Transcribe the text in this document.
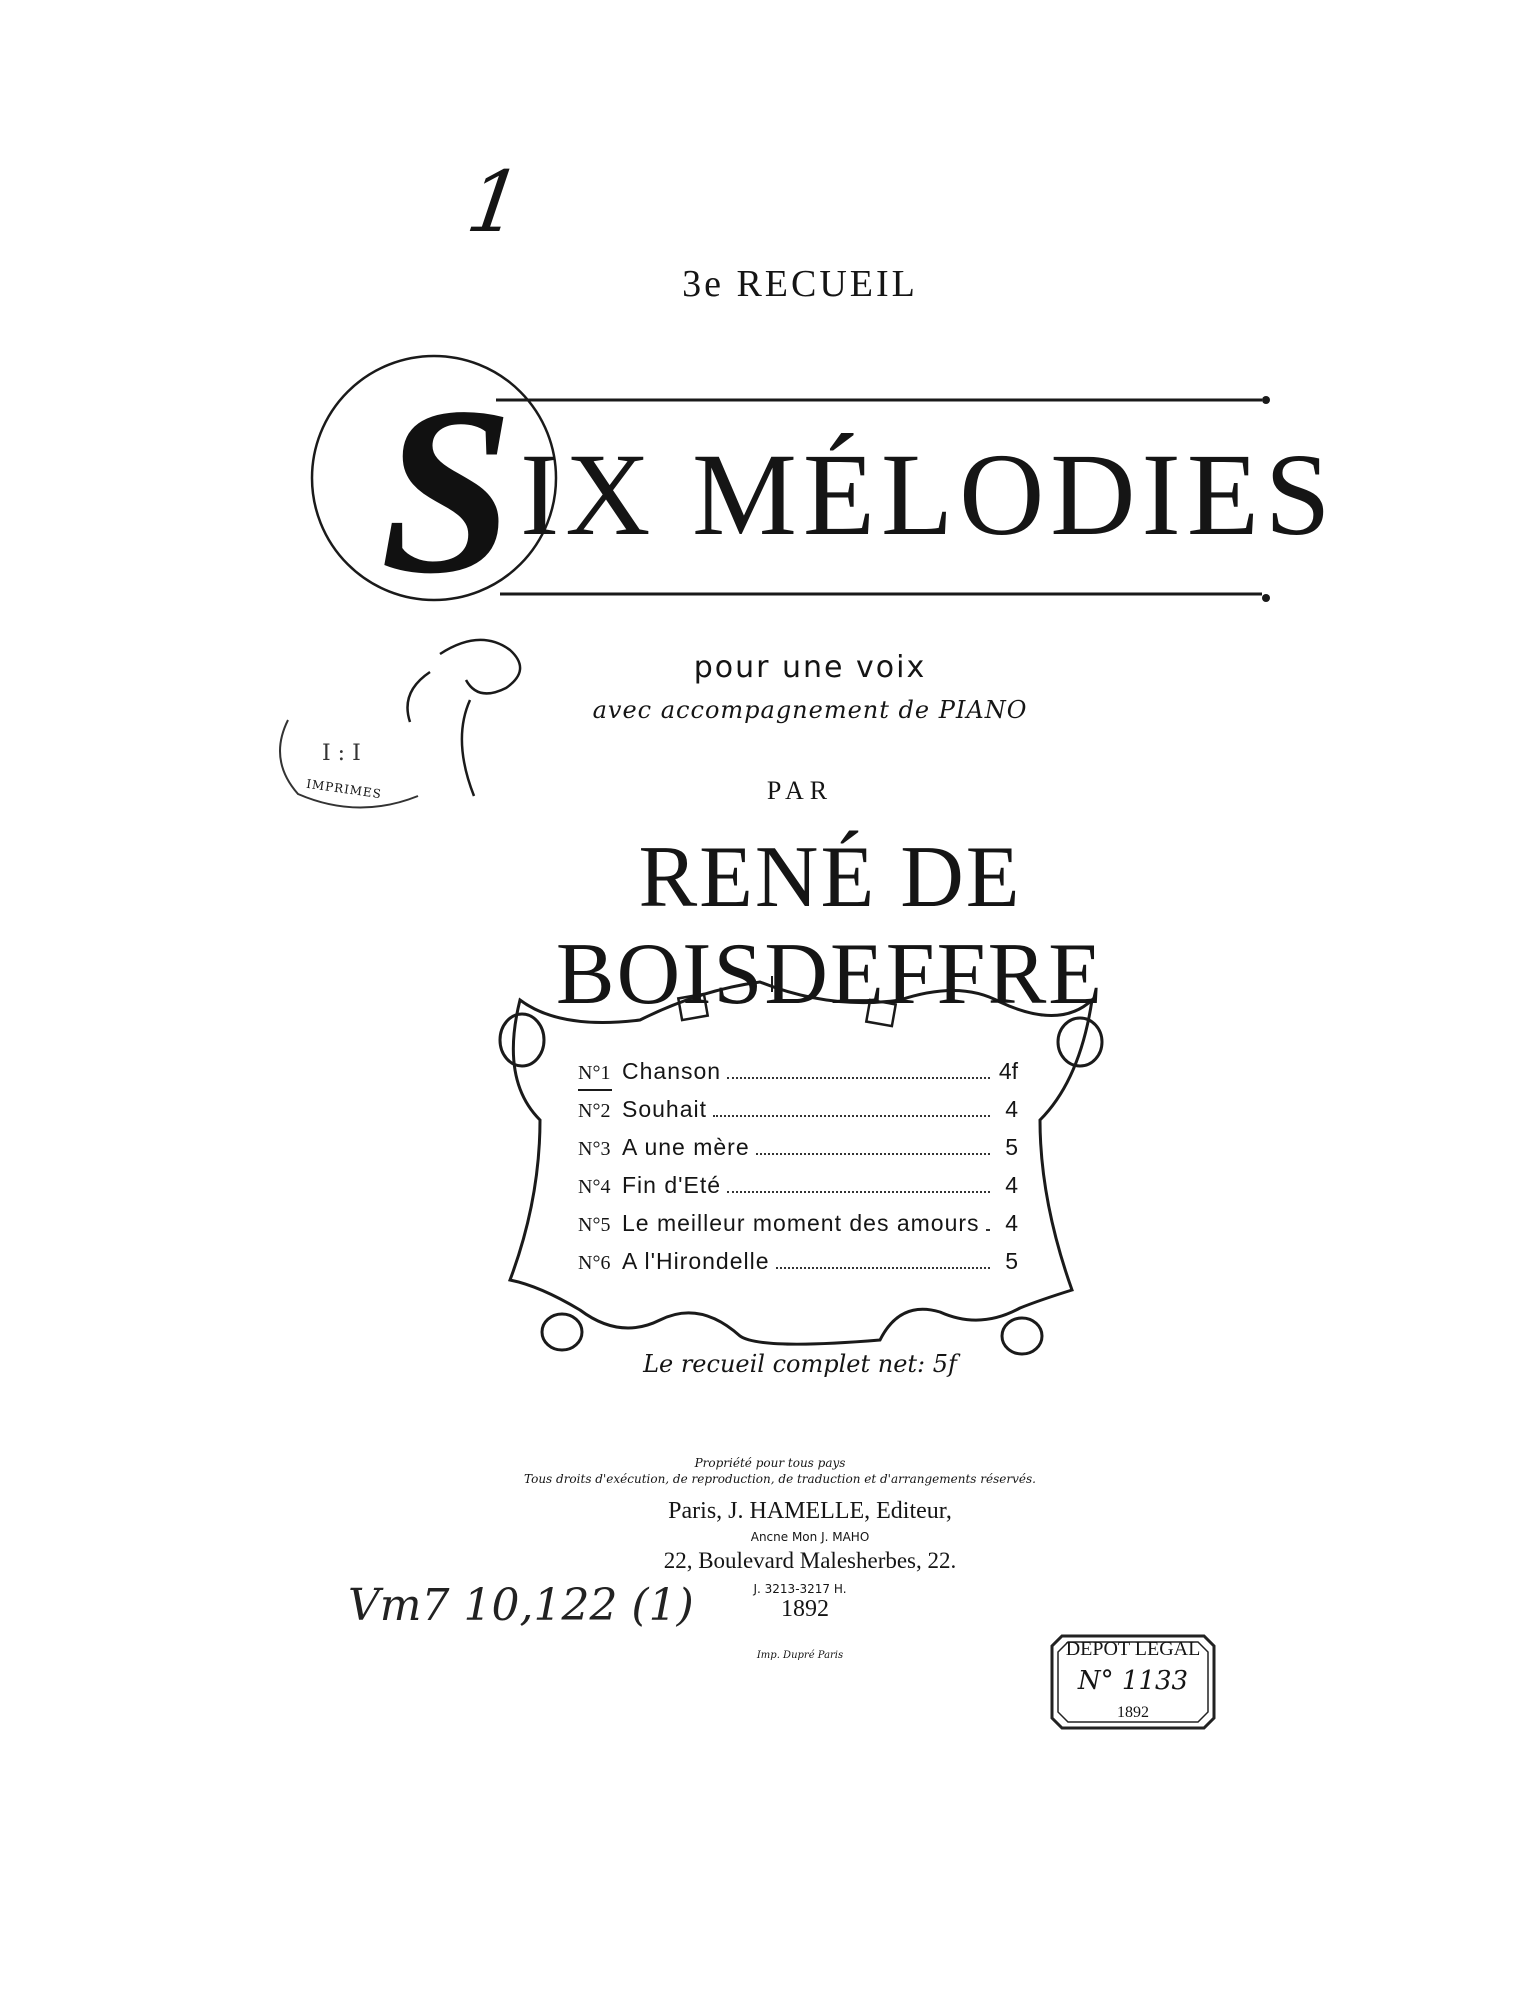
1
3e RECUEIL
S IX MÉLODIES
pour une voix
avec accompagnement de PIANO
PAR
RENÉ DE BOISDEFFRE
N°1 Chanson	4f
N°2 Souhait	4
N°3 A une mère	5
N°4 Fin d'Eté	4
N°5 Le meilleur moment des amours	4
N°6 A l'Hirondelle	5
Le recueil complet net: 5f
Propriété pour tous pays
Tous droits d'exécution, de reproduction, de traduction et d'arrangements réservés.
Paris, J. HAMELLE, Editeur,
Ancne Mon J. MAHO
22, Boulevard Malesherbes, 22.
J. 3213-3217 H.
1892
Imp. Dupré Paris
Vm7 10,122 (1)
I : I
IMPRIMES
DEPOT LEGAL
N° 1133
1892
